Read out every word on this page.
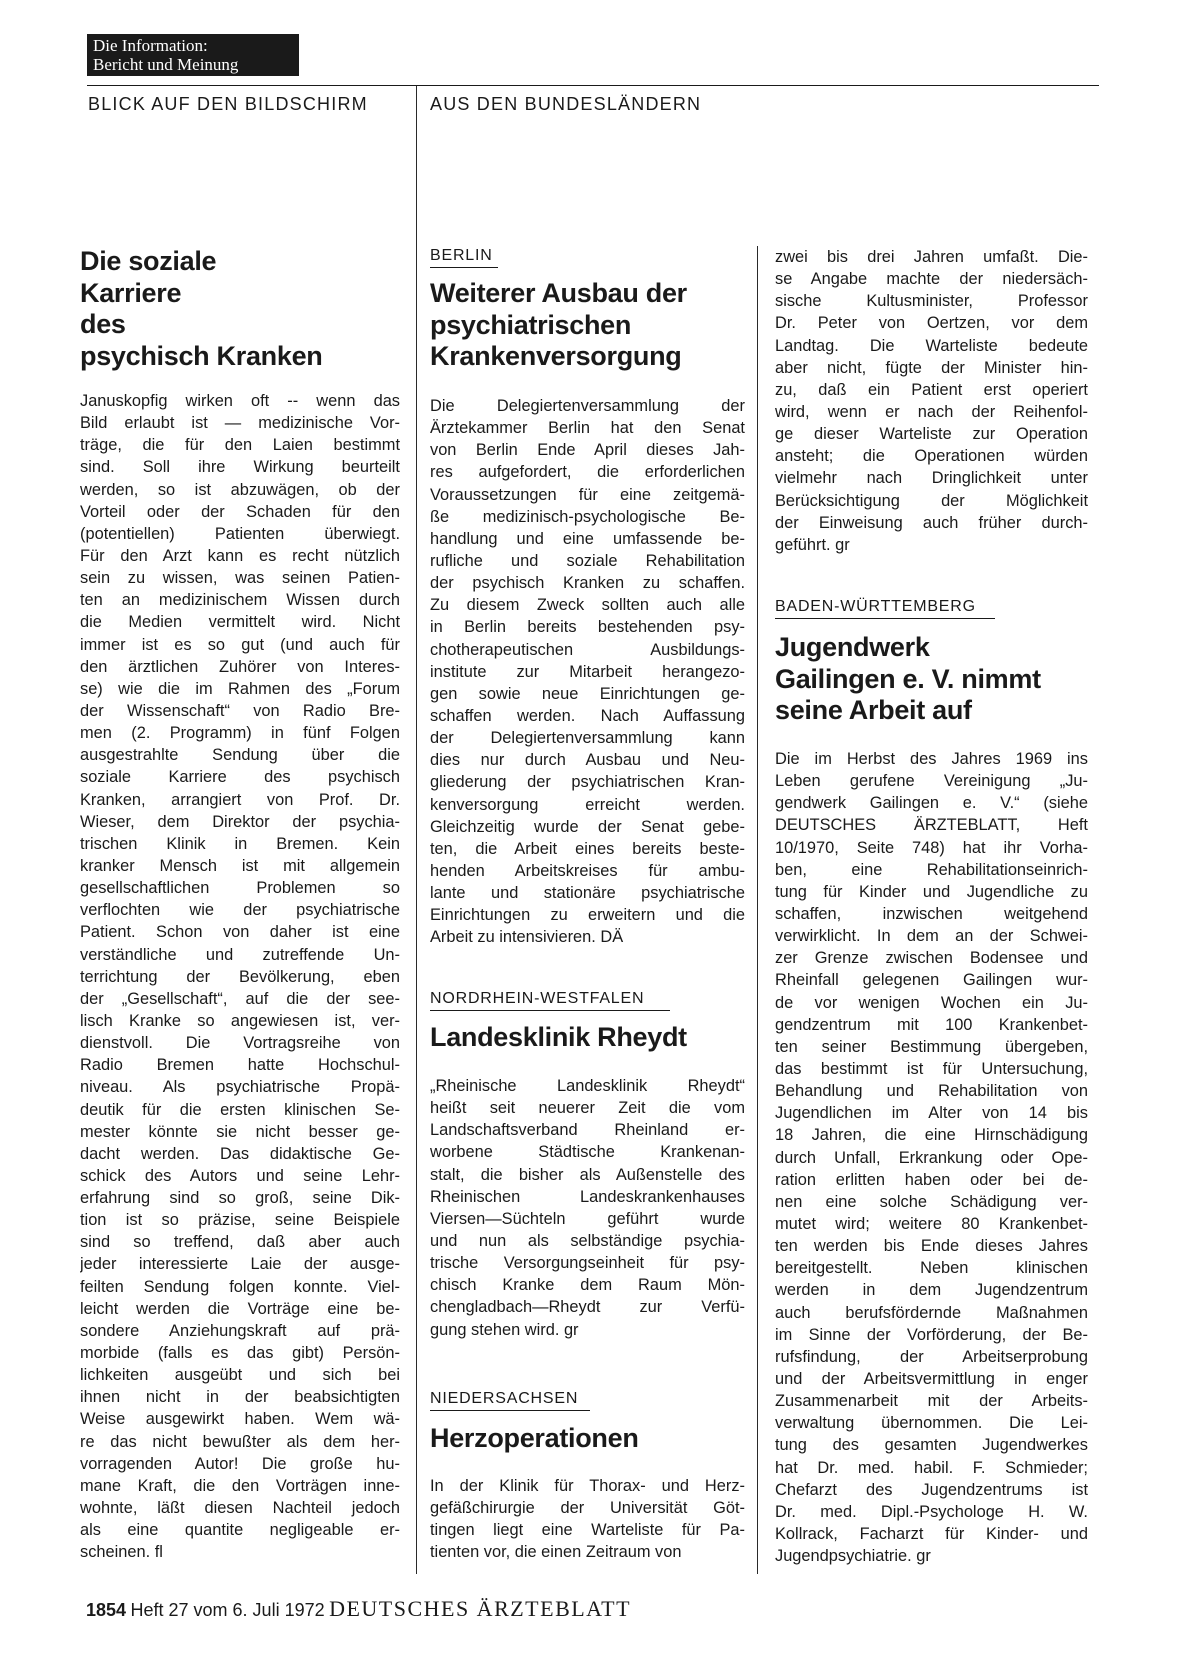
Die Information:
Bericht und Meinung
BLICK AUF DEN BILDSCHIRM	AUS DEN BUNDESLÄNDERN
Die soziale
Karriere
des
psychisch Kranken
Januskopfig wirken oft -- wenn das
Bild erlaubt ist — medizinische Vor-
träge, die für den Laien bestimmt
sind. Soll ihre Wirkung beurteilt
werden, so ist abzuwägen, ob der
Vorteil oder der Schaden für den
(potentiellen) Patienten überwiegt.
Für den Arzt kann es recht nützlich
sein zu wissen, was seinen Patien-
ten an medizinischem Wissen durch
die Medien vermittelt wird. Nicht
immer ist es so gut (und auch für
den ärztlichen Zuhörer von Interes-
se) wie die im Rahmen des „Forum
der Wissenschaft“ von Radio Bre-
men (2. Programm) in fünf Folgen
ausgestrahlte Sendung über die
soziale Karriere des psychisch
Kranken, arrangiert von Prof. Dr.
Wieser, dem Direktor der psychia-
trischen Klinik in Bremen. Kein
kranker Mensch ist mit allgemein
gesellschaftlichen Problemen so
verflochten wie der psychiatrische
Patient. Schon von daher ist eine
verständliche und zutreffende Un-
terrichtung der Bevölkerung, eben
der „Gesellschaft“, auf die der see-
lisch Kranke so angewiesen ist, ver-
dienstvoll. Die Vortragsreihe von
Radio Bremen hatte Hochschul-
niveau. Als psychiatrische Propä-
deutik für die ersten klinischen Se-
mester könnte sie nicht besser ge-
dacht werden. Das didaktische Ge-
schick des Autors und seine Lehr-
erfahrung sind so groß, seine Dik-
tion ist so präzise, seine Beispiele
sind so treffend, daß aber auch
jeder interessierte Laie der ausge-
feilten Sendung folgen konnte. Viel-
leicht werden die Vorträge eine be-
sondere Anziehungskraft auf prä-
morbide (falls es das gibt) Persön-
lichkeiten ausgeübt und sich bei
ihnen nicht in der beabsichtigten
Weise ausgewirkt haben. Wem wä-
re das nicht bewußter als dem her-
vorragenden Autor! Die große hu-
mane Kraft, die den Vorträgen inne-
wohnte, läßt diesen Nachteil jedoch
als eine quantite negligeable er-
scheinen. fl
BERLIN
Weiterer Ausbau der
psychiatrischen
Krankenversorgung
Die Delegiertenversammlung der
Ärztekammer Berlin hat den Senat
von Berlin Ende April dieses Jah-
res aufgefordert, die erforderlichen
Voraussetzungen für eine zeitgemä-
ße medizinisch-psychologische Be-
handlung und eine umfassende be-
rufliche und soziale Rehabilitation
der psychisch Kranken zu schaffen.
Zu diesem Zweck sollten auch alle
in Berlin bereits bestehenden psy-
chotherapeutischen Ausbildungs-
institute zur Mitarbeit herangezo-
gen sowie neue Einrichtungen ge-
schaffen werden. Nach Auffassung
der Delegiertenversammlung kann
dies nur durch Ausbau und Neu-
gliederung der psychiatrischen Kran-
kenversorgung erreicht werden.
Gleichzeitig wurde der Senat gebe-
ten, die Arbeit eines bereits beste-
henden Arbeitskreises für ambu-
lante und stationäre psychiatrische
Einrichtungen zu erweitern und die
Arbeit zu intensivieren. DÄ
NORDRHEIN-WESTFALEN
Landesklinik Rheydt
„Rheinische Landesklinik Rheydt“
heißt seit neuerer Zeit die vom
Landschaftsverband Rheinland er-
worbene Städtische Krankenan-
stalt, die bisher als Außenstelle des
Rheinischen Landeskrankenhauses
Viersen—Süchteln geführt wurde
und nun als selbständige psychia-
trische Versorgungseinheit für psy-
chisch Kranke dem Raum Mön-
chengladbach—Rheydt zur Verfü-
gung stehen wird. gr
NIEDERSACHSEN
Herzoperationen
In der Klinik für Thorax- und Herz-
gefäßchirurgie der Universität Göt-
tingen liegt eine Warteliste für Pa-
tienten vor, die einen Zeitraum von
zwei bis drei Jahren umfaßt. Die-
se Angabe machte der niedersäch-
sische Kultusminister, Professor
Dr. Peter von Oertzen, vor dem
Landtag. Die Warteliste bedeute
aber nicht, fügte der Minister hin-
zu, daß ein Patient erst operiert
wird, wenn er nach der Reihenfol-
ge dieser Warteliste zur Operation
ansteht; die Operationen würden
vielmehr nach Dringlichkeit unter
Berücksichtigung der Möglichkeit
der Einweisung auch früher durch-
geführt. gr
BADEN-WÜRTTEMBERG
Jugendwerk
Gailingen e. V. nimmt
seine Arbeit auf
Die im Herbst des Jahres 1969 ins
Leben gerufene Vereinigung „Ju-
gendwerk Gailingen e. V.“ (siehe
DEUTSCHES ÄRZTEBLATT, Heft
10/1970, Seite 748) hat ihr Vorha-
ben, eine Rehabilitationseinrich-
tung für Kinder und Jugendliche zu
schaffen, inzwischen weitgehend
verwirklicht. In dem an der Schwei-
zer Grenze zwischen Bodensee und
Rheinfall gelegenen Gailingen wur-
de vor wenigen Wochen ein Ju-
gendzentrum mit 100 Krankenbet-
ten seiner Bestimmung übergeben,
das bestimmt ist für Untersuchung,
Behandlung und Rehabilitation von
Jugendlichen im Alter von 14 bis
18 Jahren, die eine Hirnschädigung
durch Unfall, Erkrankung oder Ope-
ration erlitten haben oder bei de-
nen eine solche Schädigung ver-
mutet wird; weitere 80 Krankenbet-
ten werden bis Ende dieses Jahres
bereitgestellt. Neben klinischen
werden in dem Jugendzentrum
auch berufsfördernde Maßnahmen
im Sinne der Vorförderung, der Be-
rufsfindung, der Arbeitserprobung
und der Arbeitsvermittlung in enger
Zusammenarbeit mit der Arbeits-
verwaltung übernommen. Die Lei-
tung des gesamten Jugendwerkes
hat Dr. med. habil. F. Schmieder;
Chefarzt des Jugendzentrums ist
Dr. med. Dipl.-Psychologe H. W.
Kollrack, Facharzt für Kinder- und
Jugendpsychiatrie. gr
1854 Heft 27 vom 6. Juli 1972 DEUTSCHES ÄRZTEBLATT
